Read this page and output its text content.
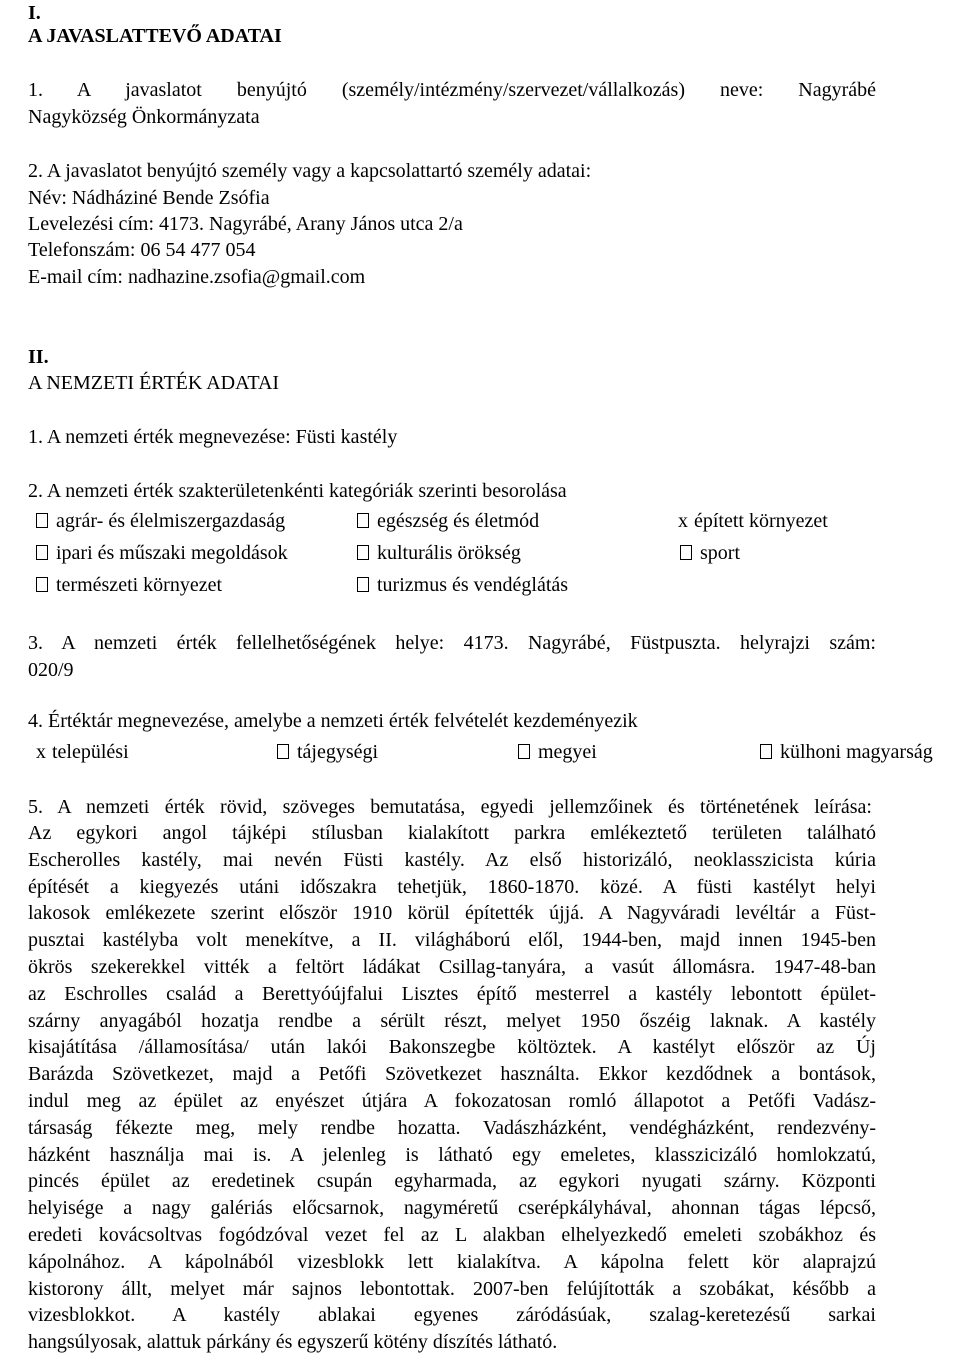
I.
A JAVASLATTEVŐ ADATAI
1. A javaslatot benyújtó (személy/intézmény/szervezet/vállalkozás) neve: Nagyrábé
Nagyközség Önkormányzata
2. A javaslatot benyújtó személy vagy a kapcsolattartó személy adatai:
Név: Nádháziné Bende Zsófia
Levelezési cím: 4173. Nagyrábé, Arany János utca 2/a
Telefonszám: 06 54 477 054
E-mail cím: nadhazine.zsofia@gmail.com
II.
A NEMZETI ÉRTÉK ADATAI
1. A nemzeti érték megnevezése: Füsti kastély
2. A nemzeti érték szakterületenkénti kategóriák szerinti besorolása
agrár- és élelmiszergazdaság	egészség és életmód	x épített környezet
ipari és műszaki megoldások	kulturális örökség	sport
természeti környezet	turizmus és vendéglátás
3. A nemzeti érték fellelhetőségének helye: 4173. Nagyrábé, Füstpuszta. helyrajzi szám:
020/9
4. Értéktár megnevezése, amelybe a nemzeti érték felvételét kezdeményezik
x települési	tájegységi	megyei	külhoni magyarság
5. A nemzeti érték rövid, szöveges bemutatása, egyedi jellemzőinek és történetének leírása:
Az egykori angol tájképi stílusban kialakított parkra emlékeztető területen található
Escherolles kastély, mai nevén Füsti kastély. Az első historizáló, neoklasszicista kúria
építését a kiegyezés utáni időszakra tehetjük, 1860-1870. közé. A füsti kastélyt helyi
lakosok emlékezete szerint először 1910 körül építették újjá. A Nagyváradi levéltár a Füst-
pusztai kastélyba volt menekítve, a II. világháború elől, 1944-ben, majd innen 1945-ben
ökrös szekerekkel vitték a feltört ládákat Csillag-tanyára, a vasút állomásra. 1947-48-ban
az Eschrolles család a Berettyóújfalui Lisztes építő mesterrel a kastély lebontott épület-
szárny anyagából hozatja rendbe a sérült részt, melyet 1950 őszéig laknak. A kastély
kisajátítása /államosítása/ után lakói Bakonszegbe költöztek. A kastélyt először az Új
Barázda Szövetkezet, majd a Petőfi Szövetkezet használta. Ekkor kezdődnek a bontások,
indul meg az épület az enyészet útjára A fokozatosan romló állapotot a Petőfi Vadász-
társaság fékezte meg, mely rendbe hozatta. Vadászházként, vendégházként, rendezvény-
házként használja mai is. A jelenleg is látható egy emeletes, klasszicizáló homlokzatú,
pincés épület az eredetinek csupán egyharmada, az egykori nyugati szárny. Központi
helyisége a nagy galériás előcsarnok, nagyméretű cserépkályhával, ahonnan tágas lépcső,
eredeti kovácsoltvas fogódzóval vezet fel az L alakban elhelyezkedő emeleti szobákhoz és
kápolnához. A kápolnából vizesblokk lett kialakítva. A kápolna felett kör alaprajzú
kistorony állt, melyet már sajnos lebontottak. 2007-ben felújították a szobákat, később a
vizesblokkot. A kastély ablakai egyenes záródásúak, szalag-keretezésű sarkai
hangsúlyosak, alattuk párkány és egyszerű kötény díszítés látható.
